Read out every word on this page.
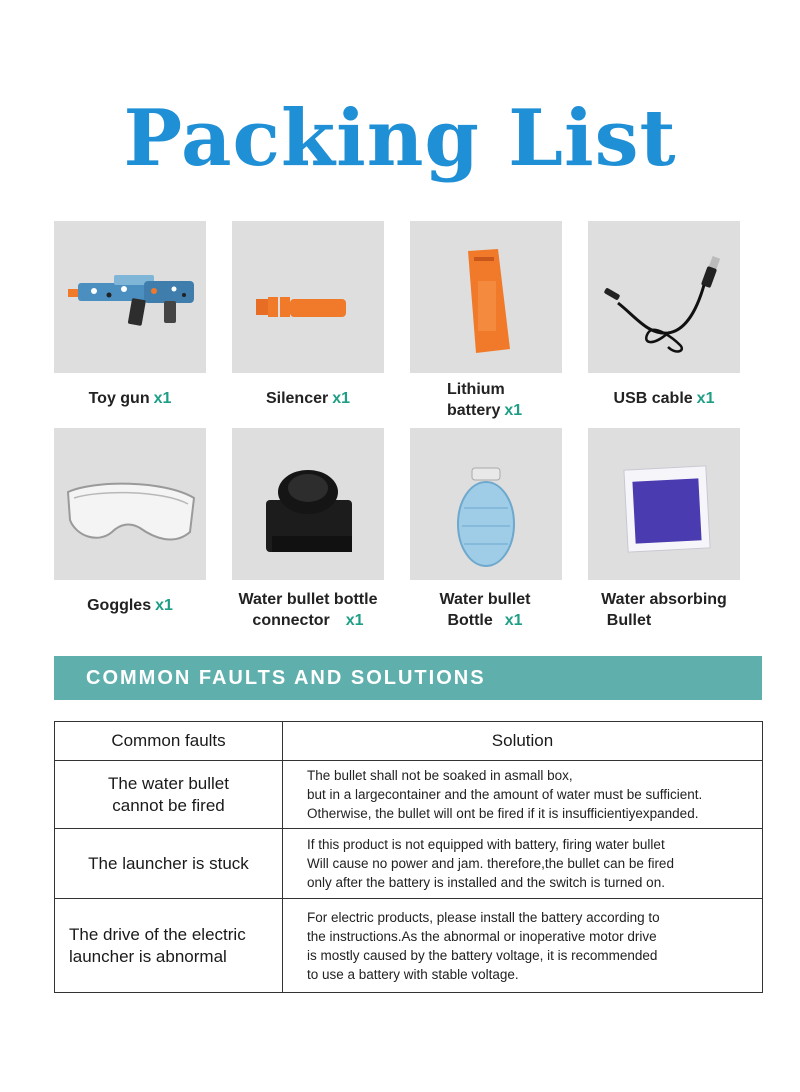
Packing List
Toy gun x1	Silencer x1
Lithium
battery x1
USB cable x1
Goggles x1	Water bullet bottle
connector x1
Water bullet
Bottle x1
Water absorbing
Bullet
COMMON FAULTS AND SOLUTIONS
Common faults	Solution
The water bullet
cannot be fired	The bullet shall not be soaked in asmall box,
but in a largecontainer and the amount of water must be sufficient.
Otherwise, the bullet will ont be fired if it is insufficientiyexpanded.

The launcher is stuck	If this product is not equipped with battery, firing water bullet
Will cause no power and jam. therefore,the bullet can be fired
only after the battery is installed and the switch is turned on.

The drive of the electric
launcher is abnormal	For electric products, please install the battery according to
the instructions.As the abnormal or inoperative motor drive
is mostly caused by the battery voltage, it is recommended
to use a battery with stable voltage.
